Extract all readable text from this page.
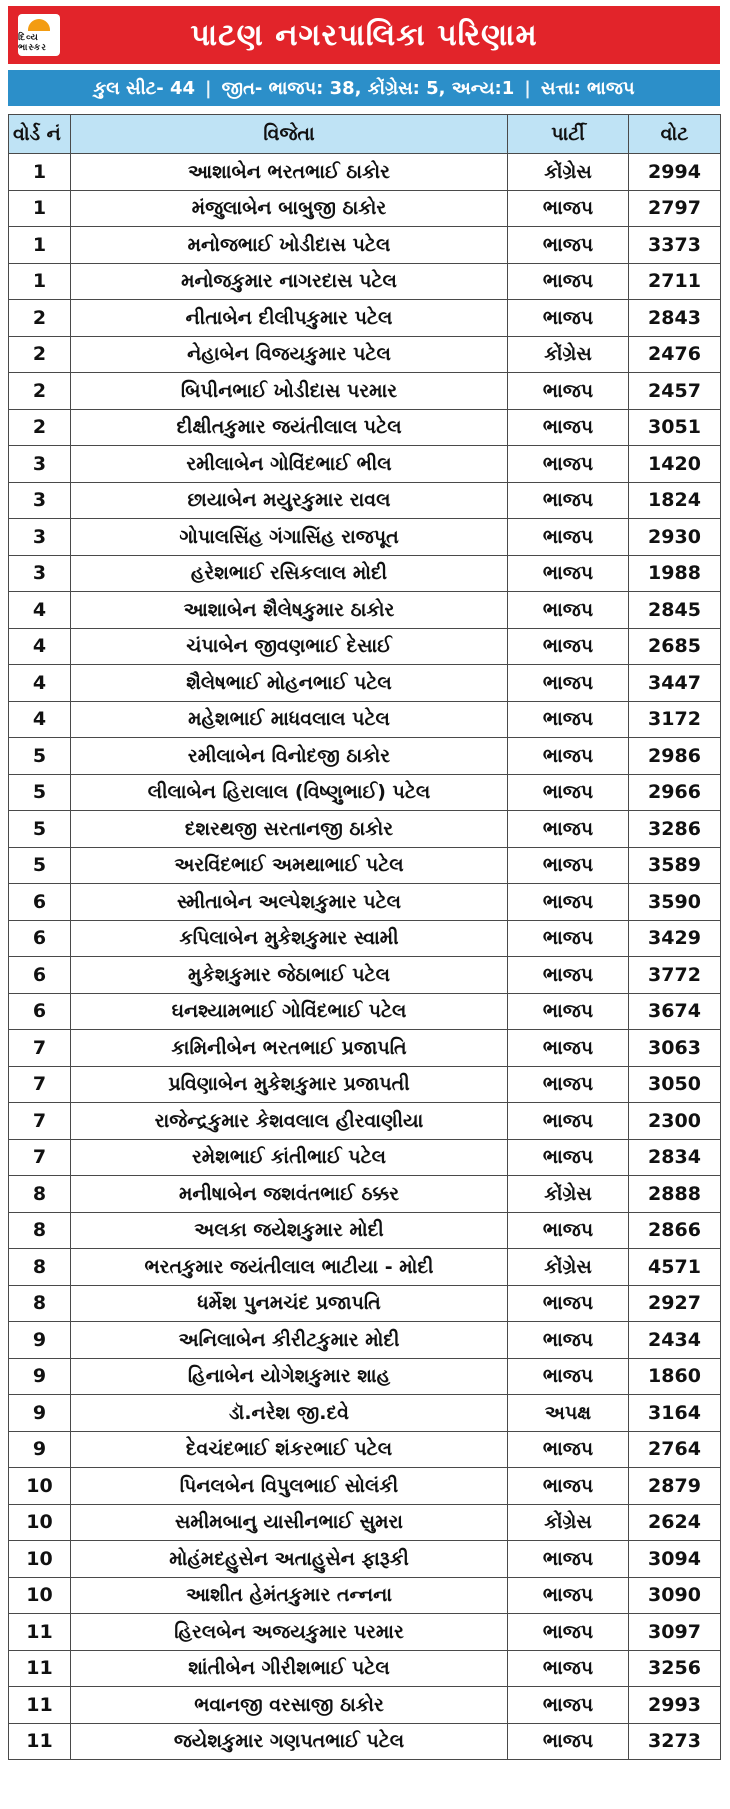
દિવ્ય ભાસ્કર	પાટણ નગરપાલિકા પરિણામ
કુલ સીટ- 44 | જીત- ભાજપ: 38, કોંગ્રેસ: 5, અન્ય:1 | સત્તા: ભાજપ
વોર્ડ નં	વિજેતા	પાર્ટી	વોટ
1	આશાબેન ભરતભાઈ ઠાકોર	કોંગ્રેસ	2994
1	મંજુલાબેન બાબુજી ઠાકોર	ભાજપ	2797
1	મનોજભાઈ ખોડીદાસ પટેલ	ભાજપ	3373
1	મનોજકુમાર નાગરદાસ પટેલ	ભાજપ	2711
2	નીતાબેન દીલીપકુમાર પટેલ	ભાજપ	2843
2	નેહાબેન વિજયકુમાર પટેલ	કોંગ્રેસ	2476
2	બિપીનભાઈ ખોડીદાસ પરમાર	ભાજપ	2457
2	દીક્ષીતકુમાર જયંતીલાલ પટેલ	ભાજપ	3051
3	રમીલાબેન ગોવિંદભાઈ ભીલ	ભાજપ	1420
3	છાયાબેન મયુરકુમાર રાવલ	ભાજપ	1824
3	ગોપાલસિંહ ગંગાસિંહ રાજપૂત	ભાજપ	2930
3	હરેશભાઈ રસિકલાલ મોદી	ભાજપ	1988
4	આશાબેન શૈલેષકુમાર ઠાકોર	ભાજપ	2845
4	ચંપાબેન જીવણભાઈ દેસાઈ	ભાજપ	2685
4	શૈલેષભાઈ મોહનભાઈ પટેલ	ભાજપ	3447
4	મહેશભાઈ માધવલાલ પટેલ	ભાજપ	3172
5	રમીલાબેન વિનોદજી ઠાકોર	ભાજપ	2986
5	લીલાબેન હિરાલાલ (વિષ્ણુભાઈ) પટેલ	ભાજપ	2966
5	દશરથજી સરતાનજી ઠાકોર	ભાજપ	3286
5	અરવિંદભાઈ અમથાભાઈ પટેલ	ભાજપ	3589
6	સ્મીતાબેન અલ્પેશકુમાર પટેલ	ભાજપ	3590
6	કપિલાબેન મુકેશકુમાર સ્વામી	ભાજપ	3429
6	મુકેશકુમાર જેઠાભાઈ પટેલ	ભાજપ	3772
6	ઘનશ્યામભાઈ ગોવિંદભાઈ પટેલ	ભાજપ	3674
7	કામિનીબેન ભરતભાઈ પ્રજાપતિ	ભાજપ	3063
7	પ્રવિણાબેન મુકેશકુમાર પ્રજાપતી	ભાજપ	3050
7	રાજેન્દ્રકુમાર કેશવલાલ હીરવાણીયા	ભાજપ	2300
7	રમેશભાઈ કાંતીભાઈ પટેલ	ભાજપ	2834
8	મનીષાબેન જશવંતભાઈ ઠક્કર	કોંગ્રેસ	2888
8	અલકા જયેશકુમાર મોદી	ભાજપ	2866
8	ભરતકુમાર જયંતીલાલ ભાટીયા - મોદી	કોંગ્રેસ	4571
8	ધર્મેશ પુનમચંદ પ્રજાપતિ	ભાજપ	2927
9	અનિલાબેન કીરીટકુમાર મોદી	ભાજપ	2434
9	હિનાબેન યોગેશકુમાર શાહ	ભાજપ	1860
9	ડૉ.નરેશ જી.દવે	અપક્ષ	3164
9	દેવચંદભાઈ શંકરભાઈ પટેલ	ભાજપ	2764
10	પિનલબેન વિપુલભાઈ સોલંકી	ભાજપ	2879
10	સમીમબાનુ યાસીનભાઈ સુમરા	કોંગ્રેસ	2624
10	મોહંમદહુસેન અતાહુસેન ફારૂકી	ભાજપ	3094
10	આશીત હેમંતકુમાર તન્નના	ભાજપ	3090
11	હિરલબેન અજયકુમાર પરમાર	ભાજપ	3097
11	શાંતીબેન ગીરીશભાઈ પટેલ	ભાજપ	3256
11	ભવાનજી વરસાજી ઠાકોર	ભાજપ	2993
11	જયેશકુમાર ગણપતભાઈ પટેલ	ભાજપ	3273
